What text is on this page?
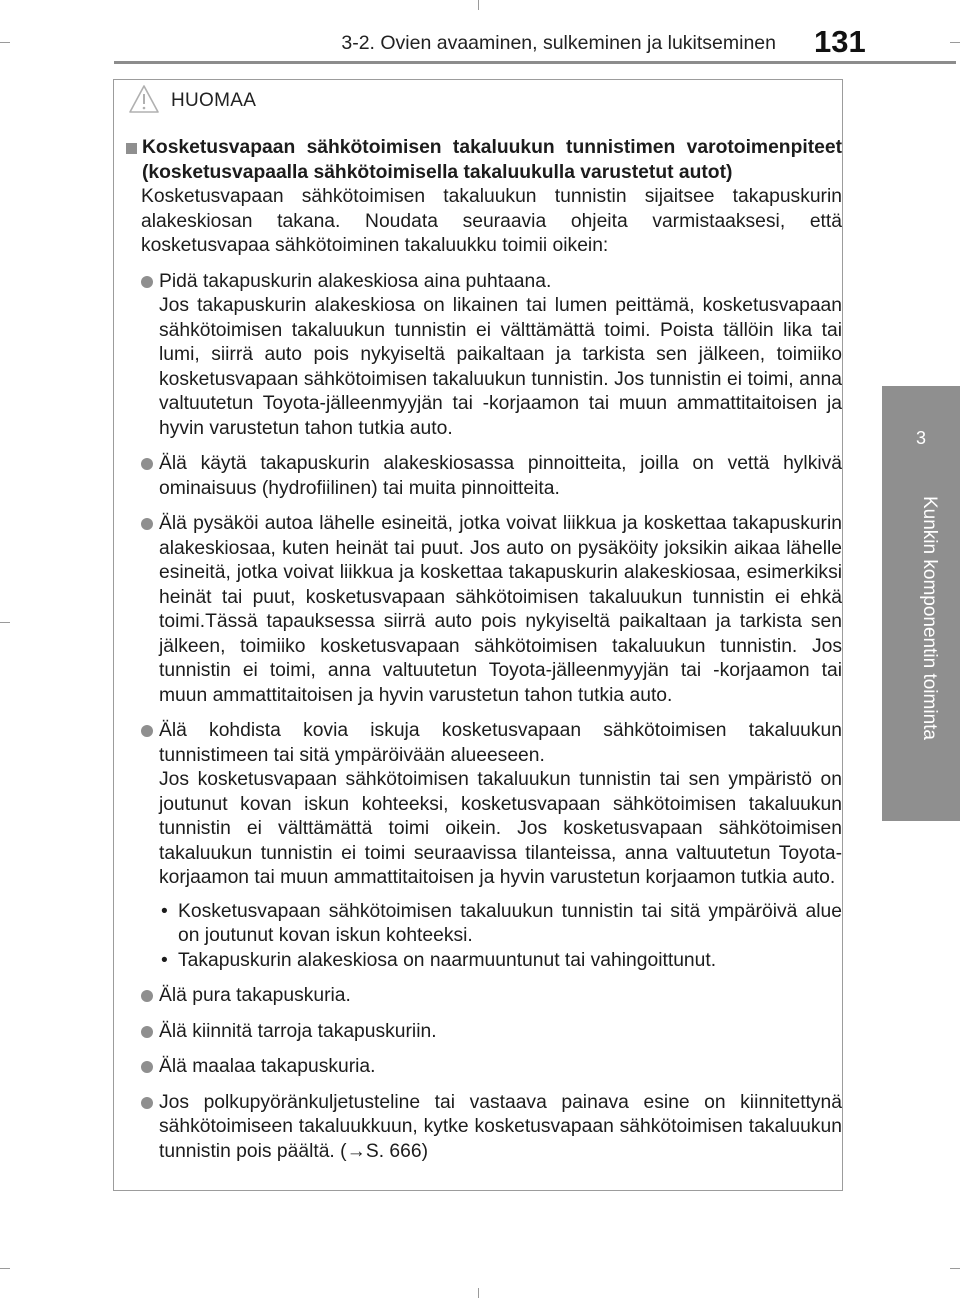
3-2. Ovien avaaminen, sulkeminen ja lukitseminen 131
3
Kunkin komponentin toiminta
HUOMAA

Kosketusvapaan sähkötoimisen takaluukun tunnistimen varotoimenpiteet (kosketusvapaalla sähkötoimisella takaluukulla varustetut autot)

Kosketusvapaan sähkötoimisen takaluukun tunnistin sijaitsee takapuskurin alakeskiosan takana. Noudata seuraavia ohjeita varmistaaksesi, että kosketusvapaa sähkötoiminen takaluukku toimii oikein:

Pidä takapuskurin alakeskiosa aina puhtaana.

Jos takapuskurin alakeskiosa on likainen tai lumen peittämä, kosketusvapaan sähkötoimisen takaluukun tunnistin ei välttämättä toimi. Poista tällöin lika tai lumi, siirrä auto pois nykyiseltä paikaltaan ja tarkista sen jälkeen, toimiiko kosketusvapaan sähkötoimisen takaluukun tunnistin. Jos tunnistin ei toimi, anna valtuutetun Toyota-jälleenmyyjän tai -korjaamon tai muun ammattitaitoisen ja hyvin varustetun tahon tutkia auto.

Älä käytä takapuskurin alakeskiosassa pinnoitteita, joilla on vettä hylkivä ominaisuus (hydrofiilinen) tai muita pinnoitteita.

Älä pysäköi autoa lähelle esineitä, jotka voivat liikkua ja koskettaa takapuskurin alakeskiosaa, kuten heinät tai puut. Jos auto on pysäköity joksikin aikaa lähelle esineitä, jotka voivat liikkua ja koskettaa takapuskurin alakeskiosaa, esimerkiksi heinät tai puut, kosketusvapaan sähkötoimisen takaluukun tunnistin ei ehkä toimi.Tässä tapauksessa siirrä auto pois nykyiseltä paikaltaan ja tarkista sen jälkeen, toimiiko kosketusvapaan sähkötoimisen takaluukun tunnistin. Jos tunnistin ei toimi, anna valtuutetun Toyota-jälleenmyyjän tai -korjaamon tai muun ammattitaitoisen ja hyvin varustetun tahon tutkia auto.

Älä kohdista kovia iskuja kosketusvapaan sähkötoimisen takaluukun tunnistimeen tai sitä ympäröivään alueeseen.

Jos kosketusvapaan sähkötoimisen takaluukun tunnistin tai sen ympäristö on joutunut kovan iskun kohteeksi, kosketusvapaan sähkötoimisen takaluukun tunnistin ei välttämättä toimi oikein. Jos kosketusvapaan sähkötoimisen takaluukun tunnistin ei toimi seuraavissa tilanteissa, anna valtuutetun Toyota-korjaamon tai muun ammattitaitoisen ja hyvin varustetun korjaamon tutkia auto.

• Kosketusvapaan sähkötoimisen takaluukun tunnistin tai sitä ympäröivä alue on joutunut kovan iskun kohteeksi.
• Takapuskurin alakeskiosa on naarmuuntunut tai vahingoittunut.

Älä pura takapuskuria.

Älä kiinnitä tarroja takapuskuriin.

Älä maalaa takapuskuria.

Jos polkupyöränkuljetusteline tai vastaava painava esine on kiinnitettynä sähkötoimiseen takaluukkuun, kytke kosketusvapaan sähkötoimisen takaluukun tunnistin pois päältä. (→S. 666)
